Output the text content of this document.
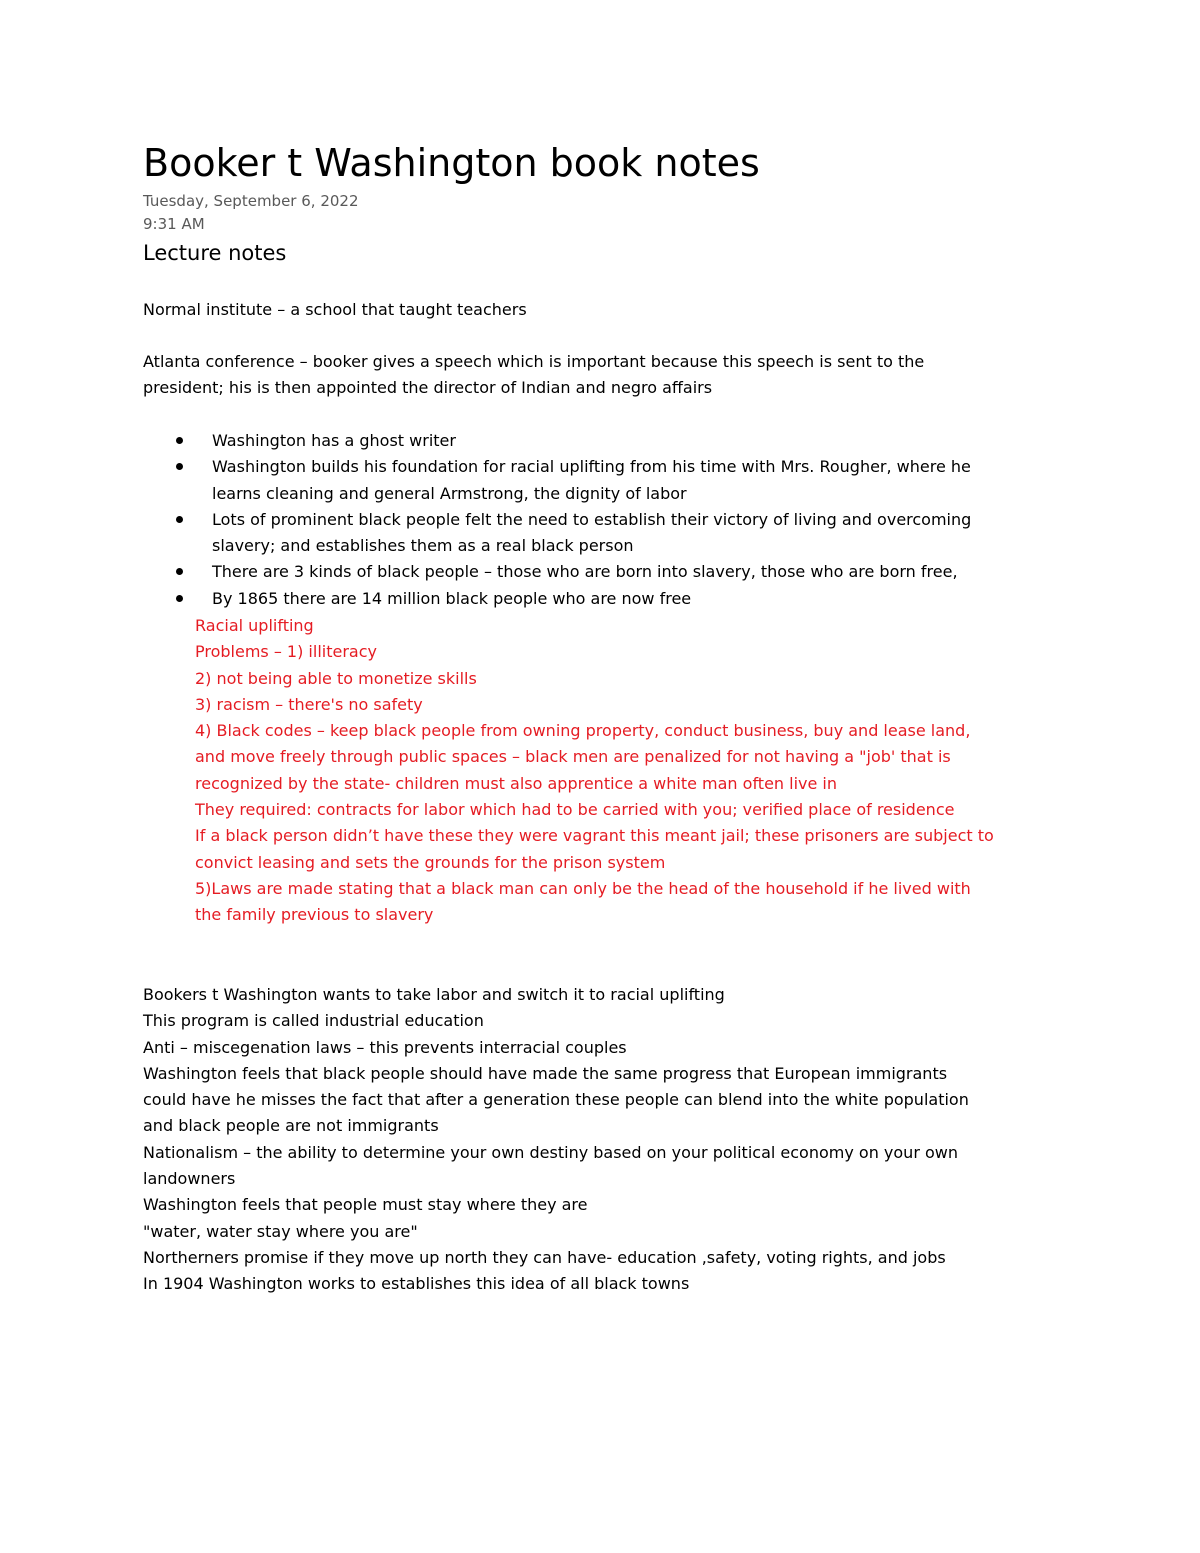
Booker t Washington book notes
Tuesday, September 6, 2022
9:31 AM
Lecture notes
Normal institute – a school that taught teachers
Atlanta conference – booker gives a speech which is important because this speech is sent to the
president; his is then appointed the director of Indian and negro affairs
Washington has a ghost writer
Washington builds his foundation for racial uplifting from his time with Mrs. Rougher, where he
learns cleaning and general Armstrong, the dignity of labor
Lots of prominent black people felt the need to establish their victory of living and overcoming
slavery; and establishes them as a real black person
There are 3 kinds of black people – those who are born into slavery, those who are born free,
By 1865 there are 14 million black people who are now free
Racial uplifting
Problems – 1) illiteracy
2) not being able to monetize skills
3) racism – there's no safety
4) Black codes – keep black people from owning property, conduct business, buy and lease land,
and move freely through public spaces – black men are penalized for not having a "job' that is
recognized by the state- children must also apprentice a white man often live in
They required: contracts for labor which had to be carried with you; verified place of residence
If a black person didn’t have these they were vagrant this meant jail; these prisoners are subject to
convict leasing and sets the grounds for the prison system
5)Laws are made stating that a black man can only be the head of the household if he lived with
the family previous to slavery
Bookers t Washington wants to take labor and switch it to racial uplifting
This program is called industrial education
Anti – miscegenation laws – this prevents interracial couples
Washington feels that black people should have made the same progress that European immigrants
could have he misses the fact that after a generation these people can blend into the white population
and black people are not immigrants
Nationalism – the ability to determine your own destiny based on your political economy on your own
landowners
Washington feels that people must stay where they are
"water, water stay where you are"
Northerners promise if they move up north they can have- education ,safety, voting rights, and jobs
In 1904 Washington works to establishes this idea of all black towns
